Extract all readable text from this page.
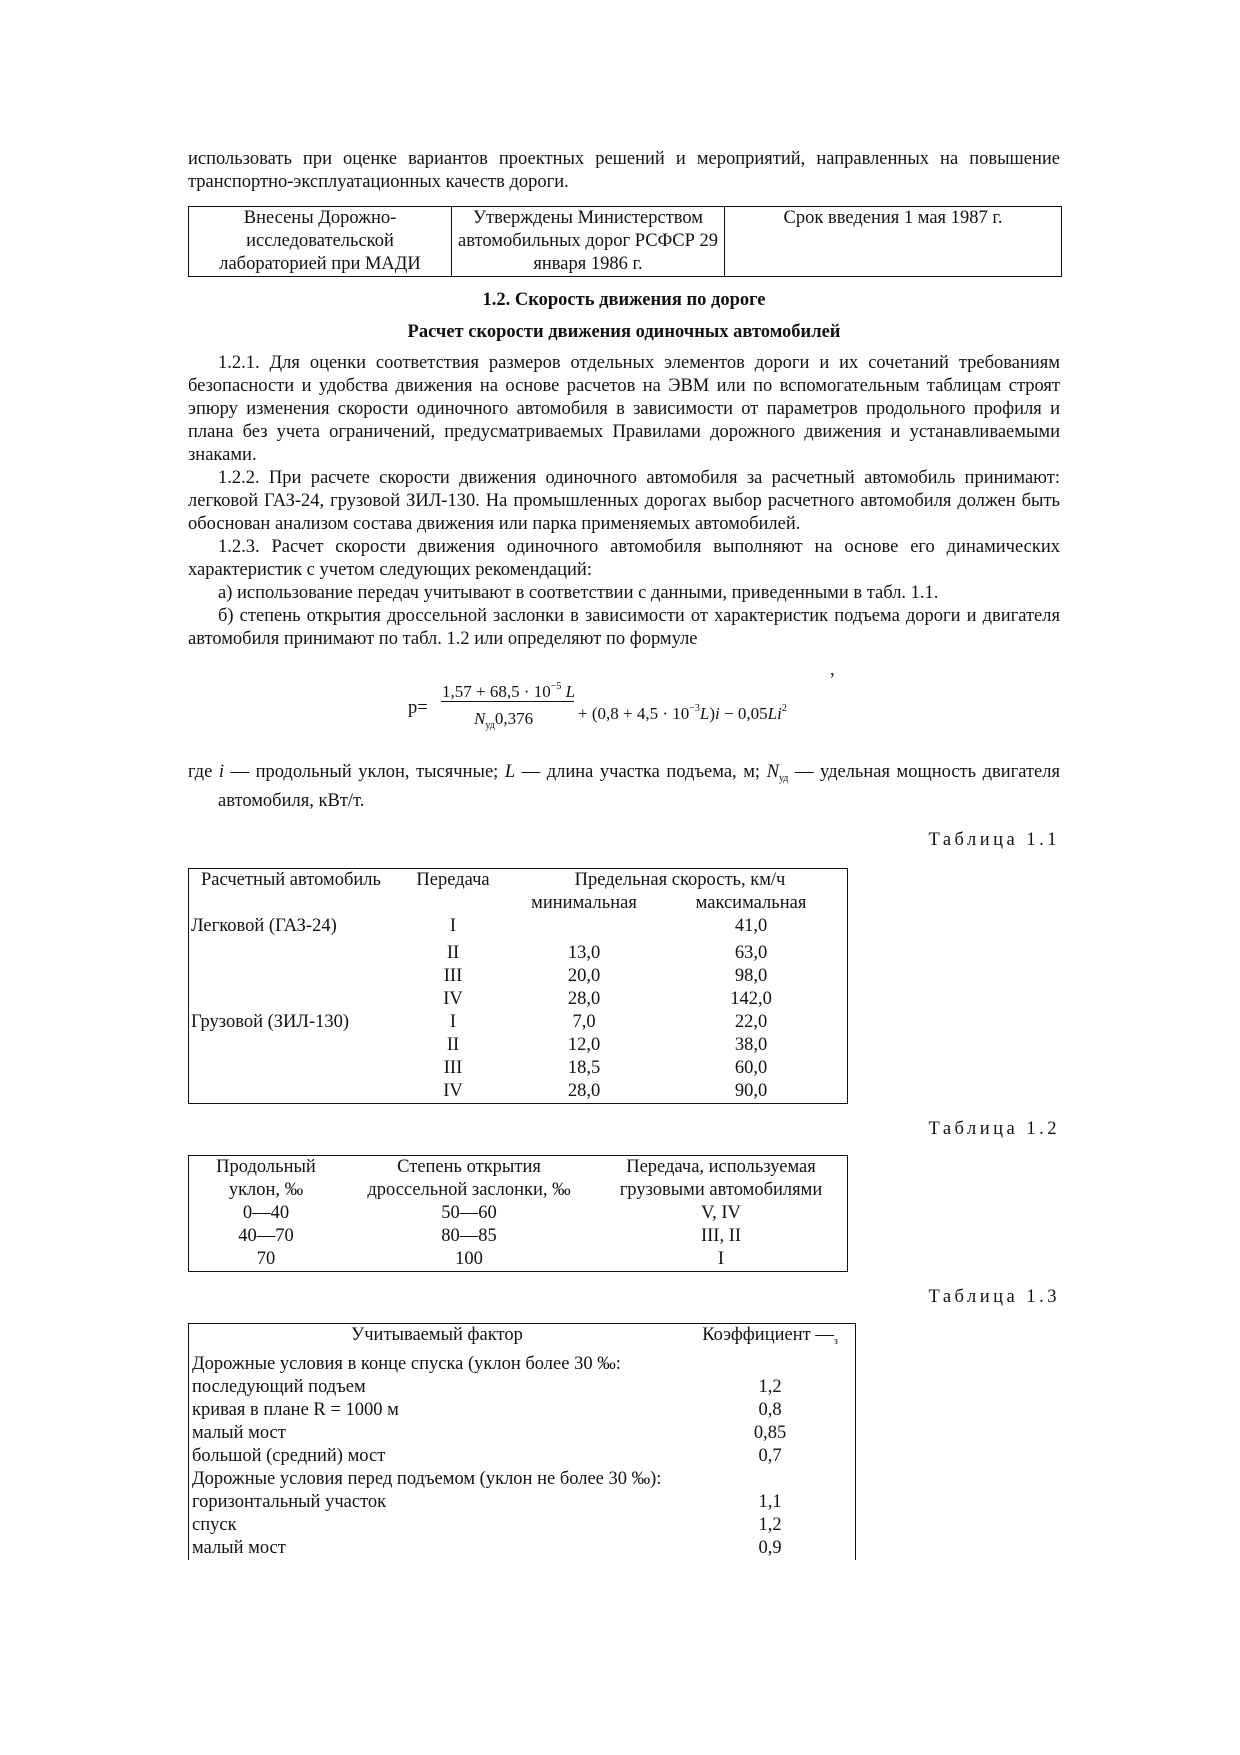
использовать при оценке вариантов проектных решений и мероприятий, направленных на повышение транспортно-эксплуатационных качеств дороги.

Внесены Дорожно-исследовательской лабораторией при МАДИ	Утверждены Министерством автомобильных дорог РСФСР 29 января 1986 г.	Срок введения 1 мая 1987 г.

1.2. Скорость движения по дороге

Расчет скорости движения одиночных автомобилей

1.2.1. Для оценки соответствия размеров отдельных элементов дороги и их сочетаний требованиям безопасности и удобства движения на основе расчетов на ЭВМ или по вспомогательным таблицам строят эпюру изменения скорости одиночного автомобиля в зависимости от параметров продольного профиля и плана без учета ограничений, предусматриваемых Правилами дорожного движения и устанавливаемыми знаками.

1.2.2. При расчете скорости движения одиночного автомобиля за расчетный автомобиль принимают: легковой ГАЗ-24, грузовой ЗИЛ-130. На промышленных дорогах выбор расчетного автомобиля должен быть обоснован анализом состава движения или парка применяемых автомобилей.

1.2.3. Расчет скорости движения одиночного автомобиля выполняют на основе его динамических характеристик с учетом следующих рекомендаций:

а) использование передач учитывают в соответствии с данными, приведенными в табл. 1.1.

б) степень открытия дроссельной заслонки в зависимости от характеристик подъема дороги и двигателя автомобиля принимают по табл. 1.2 или определяют по формуле

,
p=
$1,57 + 68,5 \cdot 10^{-5}$ L
$N_{уд}0,376$	+ $(0,8 + 4,5 \cdot 10^{-3}L)i - 0,05Li^2$

где i — продольный уклон, тысячные; L — длина участка подъема, м; $N_{уд}$ — удельная мощность двигателя автомобиля, кВт/т.

Таблица 1.1

Расчетный автомобиль	Передача	Предельная скорость, км/ч	
		минимальная	максимальная
Легковой (ГАЗ-24)	I		41,0
	II	13,0	63,0
	III	20,0	98,0
	IV	28,0	142,0
Грузовой (ЗИЛ-130)	I	7,0	22,0
	II	12,0	38,0
	III	18,5	60,0
	IV	28,0	90,0

Таблица 1.2

Продольный уклон, ‰	Степень открытия дроссельной заслонки, ‰	Передача, используемая грузовыми автомобилями
0—40	50—60	V, IV
40—70	80—85	III, II
70	100	I

Таблица 1.3

Учитываемый фактор	Коэффициент $—_з$
Дорожные условия в конце спуска (уклон более 30 ‰:	
последующий подъем	1,2
кривая в плане R = 1000 м	0,8
малый мост	0,85
большой (средний) мост	0,7
Дорожные условия перед подъемом (уклон не более 30 ‰):	
горизонтальный участок	1,1
спуск	1,2
малый мост	0,9
